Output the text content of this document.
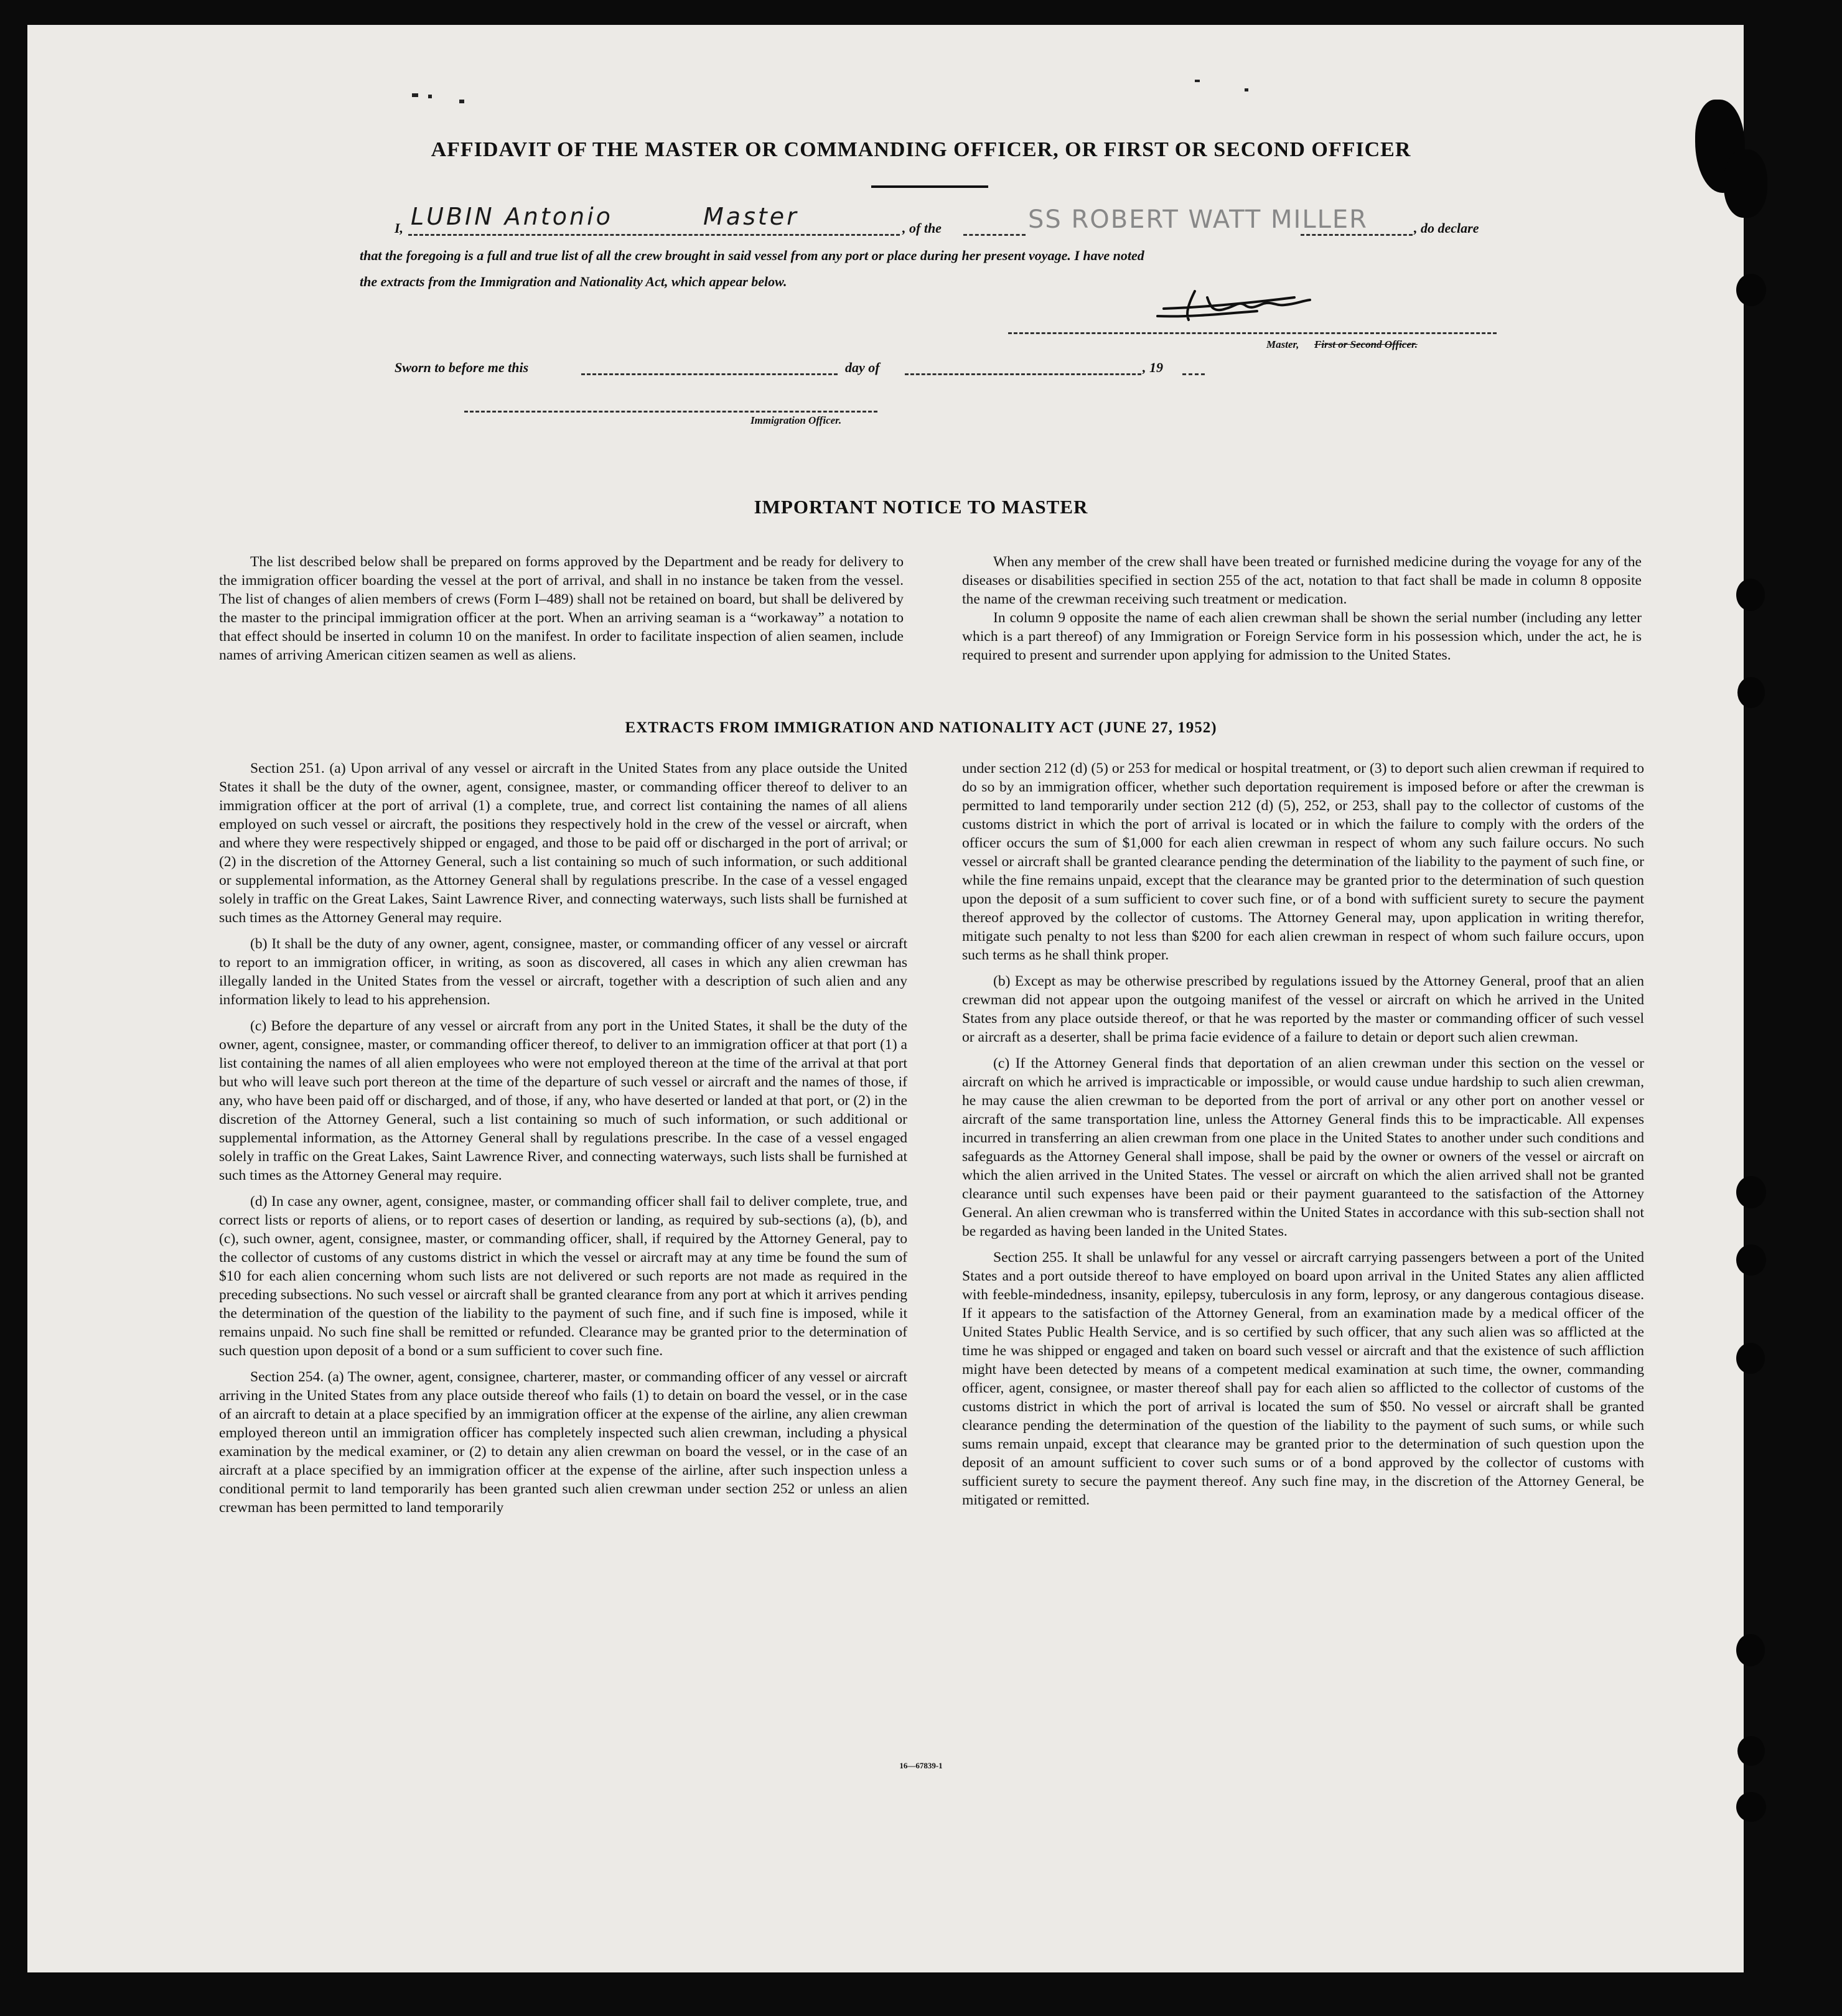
AFFIDAVIT OF THE MASTER OR COMMANDING OFFICER, OR FIRST OR SECOND OFFICER
I, LUBIN Antonio	Master	, of the	SS ROBERT WATT MILLER	, do declare
that the foregoing is a full and true list of all the crew brought in said vessel from any port or place during her present voyage. I have noted
the extracts from the Immigration and Nationality Act, which appear below.
Master, First or Second Officer.
Sworn to before me this	day of	, 19
Immigration Officer.
IMPORTANT NOTICE TO MASTER

The list described below shall be prepared on forms approved by the Department and be ready for delivery to the immigration officer boarding the vessel at the port of arrival, and shall in no instance be taken from the vessel. The list of changes of alien members of crews (Form I–489) shall not be retained on board, but shall be delivered by the master to the principal immigration officer at the port. When an arriving seaman is a “workaway” a notation to that effect should be inserted in column 10 on the manifest. In order to facilitate inspection of alien seamen, include names of arriving American citizen seamen as well as aliens.

When any member of the crew shall have been treated or furnished medicine during the voyage for any of the diseases or disabilities specified in section 255 of the act, notation to that fact shall be made in column 8 opposite the name of the crewman receiving such treatment or medication.

In column 9 opposite the name of each alien crewman shall be shown the serial number (including any letter which is a part thereof) of any Immigration or Foreign Service form in his possession which, under the act, he is required to present and surrender upon applying for admission to the United States.

EXTRACTS FROM IMMIGRATION AND NATIONALITY ACT (JUNE 27, 1952)

Section 251. (a) Upon arrival of any vessel or aircraft in the United States from any place outside the United States it shall be the duty of the owner, agent, consignee, master, or commanding officer thereof to deliver to an immigration officer at the port of arrival (1) a complete, true, and correct list containing the names of all aliens employed on such vessel or aircraft, the positions they respectively hold in the crew of the vessel or aircraft, when and where they were respectively shipped or engaged, and those to be paid off or discharged in the port of arrival; or (2) in the discretion of the Attorney General, such a list containing so much of such information, or such additional or supplemental information, as the Attorney General shall by regulations prescribe. In the case of a vessel engaged solely in traffic on the Great Lakes, Saint Lawrence River, and connecting waterways, such lists shall be furnished at such times as the Attorney General may require.

(b) It shall be the duty of any owner, agent, consignee, master, or commanding officer of any vessel or aircraft to report to an immigration officer, in writing, as soon as discovered, all cases in which any alien crewman has illegally landed in the United States from the vessel or aircraft, together with a description of such alien and any information likely to lead to his apprehension.

(c) Before the departure of any vessel or aircraft from any port in the United States, it shall be the duty of the owner, agent, consignee, master, or commanding officer thereof, to deliver to an immigration officer at that port (1) a list containing the names of all alien employees who were not employed thereon at the time of the arrival at that port but who will leave such port thereon at the time of the departure of such vessel or aircraft and the names of those, if any, who have been paid off or discharged, and of those, if any, who have deserted or landed at that port, or (2) in the discretion of the Attorney General, such a list containing so much of such information, or such additional or supplemental information, as the Attorney General shall by regulations prescribe. In the case of a vessel engaged solely in traffic on the Great Lakes, Saint Lawrence River, and connecting waterways, such lists shall be furnished at such times as the Attorney General may require.

(d) In case any owner, agent, consignee, master, or commanding officer shall fail to deliver complete, true, and correct lists or reports of aliens, or to report cases of desertion or landing, as required by sub-sections (a), (b), and (c), such owner, agent, consignee, master, or commanding officer, shall, if required by the Attorney General, pay to the collector of customs of any customs district in which the vessel or aircraft may at any time be found the sum of $10 for each alien concerning whom such lists are not delivered or such reports are not made as required in the preceding subsections. No such vessel or aircraft shall be granted clearance from any port at which it arrives pending the determination of the question of the liability to the payment of such fine, and if such fine is imposed, while it remains unpaid. No such fine shall be remitted or refunded. Clearance may be granted prior to the determination of such question upon deposit of a bond or a sum sufficient to cover such fine.

Section 254. (a) The owner, agent, consignee, charterer, master, or commanding officer of any vessel or aircraft arriving in the United States from any place outside thereof who fails (1) to detain on board the vessel, or in the case of an aircraft to detain at a place specified by an immigration officer at the expense of the airline, any alien crewman employed thereon until an immigration officer has completely inspected such alien crewman, including a physical examination by the medical examiner, or (2) to detain any alien crewman on board the vessel, or in the case of an aircraft at a place specified by an immigration officer at the expense of the airline, after such inspection unless a conditional permit to land temporarily has been granted such alien crewman under section 252 or unless an alien crewman has been permitted to land temporarily

under section 212 (d) (5) or 253 for medical or hospital treatment, or (3) to deport such alien crewman if required to do so by an immigration officer, whether such deportation requirement is imposed before or after the crewman is permitted to land temporarily under section 212 (d) (5), 252, or 253, shall pay to the collector of customs of the customs district in which the port of arrival is located or in which the failure to comply with the orders of the officer occurs the sum of $1,000 for each alien crewman in respect of whom any such failure occurs. No such vessel or aircraft shall be granted clearance pending the determination of the liability to the payment of such fine, or while the fine remains unpaid, except that the clearance may be granted prior to the determination of such question upon the deposit of a sum sufficient to cover such fine, or of a bond with sufficient surety to secure the payment thereof approved by the collector of customs. The Attorney General may, upon application in writing therefor, mitigate such penalty to not less than $200 for each alien crewman in respect of whom such failure occurs, upon such terms as he shall think proper.

(b) Except as may be otherwise prescribed by regulations issued by the Attorney General, proof that an alien crewman did not appear upon the outgoing manifest of the vessel or aircraft on which he arrived in the United States from any place outside thereof, or that he was reported by the master or commanding officer of such vessel or aircraft as a deserter, shall be prima facie evidence of a failure to detain or deport such alien crewman.

(c) If the Attorney General finds that deportation of an alien crewman under this section on the vessel or aircraft on which he arrived is impracticable or impossible, or would cause undue hardship to such alien crewman, he may cause the alien crewman to be deported from the port of arrival or any other port on another vessel or aircraft of the same transportation line, unless the Attorney General finds this to be impracticable. All expenses incurred in transferring an alien crewman from one place in the United States to another under such conditions and safeguards as the Attorney General shall impose, shall be paid by the owner or owners of the vessel or aircraft on which the alien arrived in the United States. The vessel or aircraft on which the alien arrived shall not be granted clearance until such expenses have been paid or their payment guaranteed to the satisfaction of the Attorney General. An alien crewman who is transferred within the United States in accordance with this sub-section shall not be regarded as having been landed in the United States.

Section 255. It shall be unlawful for any vessel or aircraft carrying passengers between a port of the United States and a port outside thereof to have employed on board upon arrival in the United States any alien afflicted with feeble-mindedness, insanity, epilepsy, tuberculosis in any form, leprosy, or any dangerous contagious disease. If it appears to the satisfaction of the Attorney General, from an examination made by a medical officer of the United States Public Health Service, and is so certified by such officer, that any such alien was so afflicted at the time he was shipped or engaged and taken on board such vessel or aircraft and that the existence of such affliction might have been detected by means of a competent medical examination at such time, the owner, commanding officer, agent, consignee, or master thereof shall pay for each alien so afflicted to the collector of customs of the customs district in which the port of arrival is located the sum of $50. No vessel or aircraft shall be granted clearance pending the determination of the question of the liability to the payment of such sums, or while such sums remain unpaid, except that clearance may be granted prior to the determination of such question upon the deposit of an amount sufficient to cover such sums or of a bond approved by the collector of customs with sufficient surety to secure the payment thereof. Any such fine may, in the discretion of the Attorney General, be mitigated or remitted.

16—67839-1
